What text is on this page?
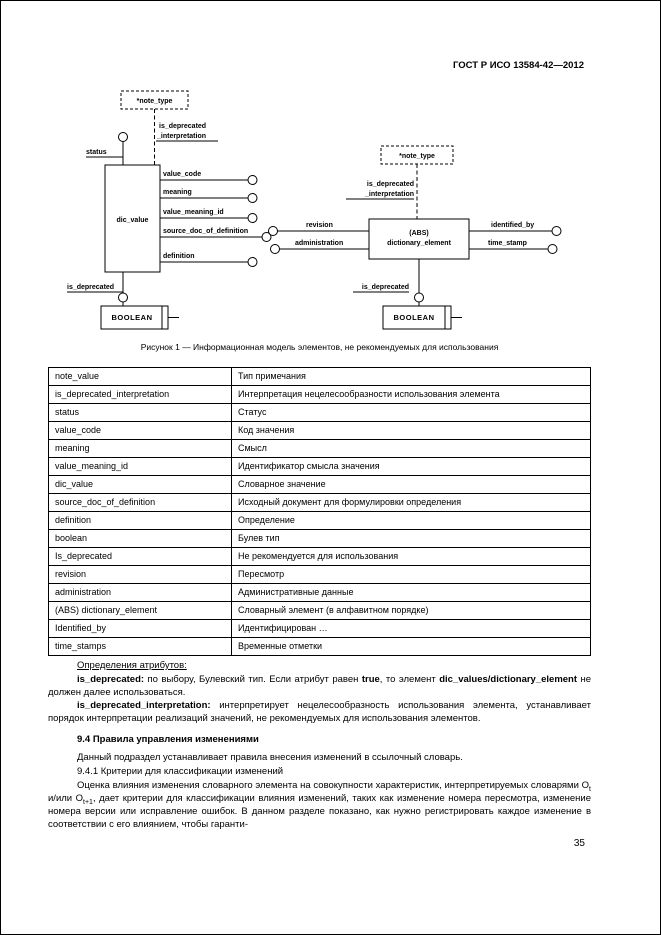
ГОСТ Р ИСО 13584-42—2012
*note_type
is_deprecated
_interpretation
status
dic_value
value_code
meaning
value_meaning_id
source_doc_of_definition
definition
is_deprecated
BOOLEAN
*note_type
is_deprecated
_interpretation
(ABS)
dictionary_element
revision
administration
identified_by
time_stamp
is_deprecated
BOOLEAN
Рисунок 1 — Информационная модель элементов, не рекомендуемых для использования
note_value	Тип примечания
is_deprecated_interpretation	Интерпретация нецелесообразности использования элемента
status	Статус
value_code	Код значения
meaning	Смысл
value_meaning_id	Идентификатор смысла значения
dic_value	Словарное значение
source_doc_of_definition	Исходный документ для формулировки определения
definition	Определение
boolean	Булев тип
Is_deprecated	Не рекомендуется для использования
revision	Пересмотр
administration	Административные данные
(ABS) dictionary_element	Словарный элемент (в алфавитном порядке)
Identified_by	Идентифицирован …
time_stamps	Временные отметки

Определения атрибутов:

is_deprecated: по выбору, Булевский тип. Если атрибут равен true, то элемент dic_values/dictionary_element не должен далее использоваться.

is_deprecated_interpretation: интерпретирует нецелесообразность использования элемента, устанавливает порядок интерпретации реализаций значений, не рекомендуемых для использования элементов.

9.4 Правила управления изменениями

Данный подраздел устанавливает правила внесения изменений в ссылочный словарь.

9.4.1 Критерии для классификации изменений

Оценка влияния изменения словарного элемента на совокупности характеристик, интерпретируемых словарями $О_t$ и/или $О_{t+1}$, дает критерии для классификации влияния изменений, таких как изменение номера пересмотра, изменение номера версии или исправление ошибок. В данном разделе показано, как нужно регистрировать каждое изменение в соответствии с его влиянием, чтобы гаранти-

35
